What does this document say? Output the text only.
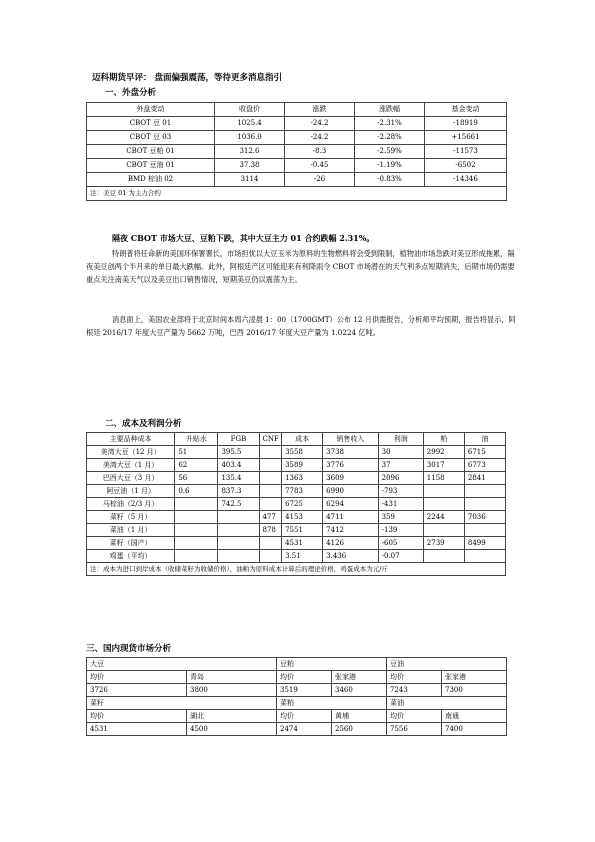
迈科期货早评： 盘面偏强震荡，等待更多消息指引
一、外盘分析
外盘变动	收盘价	涨跌	涨跌幅	基金变动
CBOT 豆 01	1025.4	-24.2	-2.31%	-18919
CBOT 豆 03	1036.0	-24.2	-2.28%	+15661
CBOT 豆粕 01	312.6	-8.3	-2.59%	-11573
CBOT 豆油 01	37.38	-0.45	-1.19%	-6502
BMD 棕油 02	3114	-26	-0.83%	-14346
注：美豆 01 为主力合约				
隔夜 CBOT 市场大豆、豆粕下跌，其中大豆主力 01 合约跌幅 2.31%。
特朗普将任命新的美国环保署署长，市场担忧以大豆玉米为原料的生物燃料将会受到限制，植物油市场急跌对美豆形成拖累，隔夜美豆创两个半月来的单日最大跌幅。此外，阿根廷产区可能迎来有利降雨令 CBOT 市场潜在的天气利多点短期消失，后期市场仍需要重点关注南美天气以及美豆出口销售情况，短期美豆仍以震荡为主。
消息面上，美国农业部将于北京时间本周六凌晨 1：00（1700GMT）公布 12 月供需报告，分析师平均预期，报告将显示，阿根廷 2016/17 年度大豆产量为 5662 万吨，巴西 2016/17 年度大豆产量为 1.0224 亿吨。
二、成本及利润分析
主要品种成本	升贴水	FGB	CNF	成本	销售收入	利润	粕	油
美湾大豆（12 月）	51	395.5		3558	3738	30	2992	6715
美湾大豆（1 月）	62	403.4		3589	3776	37	3017	6773
巴西大豆（3 月）	56	135.4		1363	3609	2096	1158	2841
阿豆油（1 月）	0.6	837.3		7783	6990	-793		
马棕油（2/3 月）		742.5		6725	6294	-431		
菜籽（5 月）			477	4153	4711	359	2244	7036
菜油（1 月）			878	7551	7412	-139		
菜籽（国产）				4531	4126	-605	2739	8499
鸡蛋（平均）				3.51	3.436	-0.07		
注：成本为进口到岸成本（收储菜籽为收储价格），油粕为原料成本计算后的理论价格，鸡蛋成本为元/斤								
三、国内现货市场分析
大豆		豆粕		豆油	
均价	青岛	均价	张家港	均价	张家港
3726	3800	3519	3460	7243	7300
菜籽		菜粕		菜油	
均价	湖北	均价	黄埔	均价	南通
4531	4500	2474	2560	7556	7400
